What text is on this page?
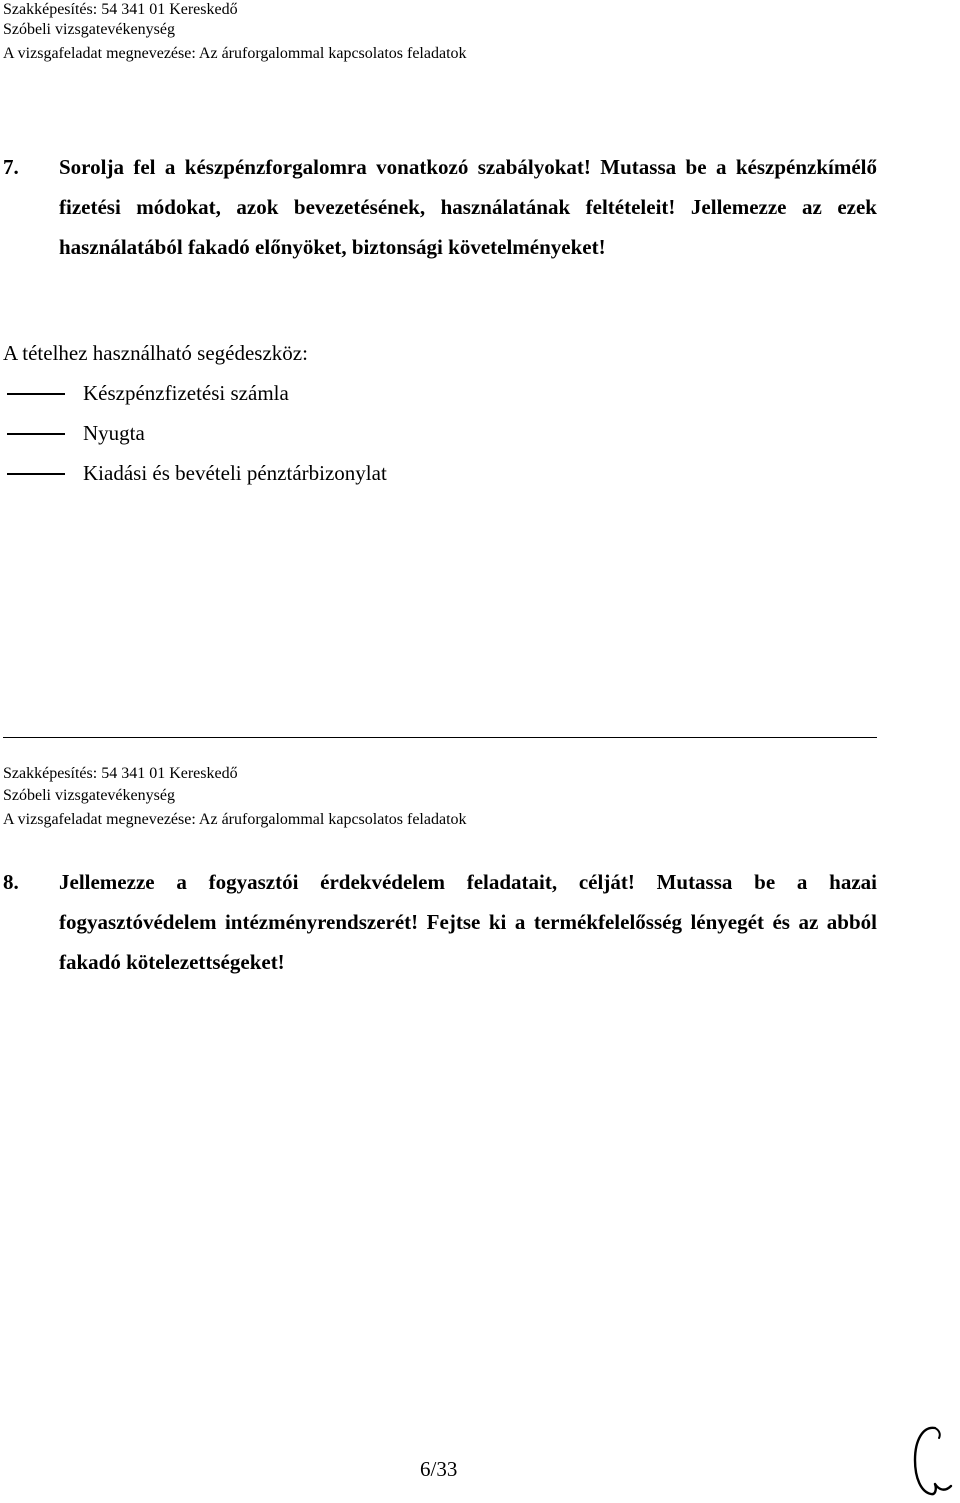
Szakképesítés: 54 341 01 Kereskedő
Szóbeli vizsgatevékenység
A vizsgafeladat megnevezése: Az áruforgalommal kapcsolatos feladatok
7. Sorolja fel a készpénzforgalomra vonatkozó szabályokat! Mutassa be a készpénzkímélő fizetési módokat, azok bevezetésének, használatának feltételeit! Jellemezze az ezek használatából fakadó előnyöket, biztonsági követelményeket!
A tételhez használható segédeszköz:
Készpénzfizetési számla
Nyugta
Kiadási és bevételi pénztárbizonylat
Szakképesítés: 54 341 01 Kereskedő
Szóbeli vizsgatevékenység
A vizsgafeladat megnevezése: Az áruforgalommal kapcsolatos feladatok
8. Jellemezze a fogyasztói érdekvédelem feladatait, célját! Mutassa be a hazai fogyasztóvédelem intézményrendszerét! Fejtse ki a termékfelelősség lényegét és az abból fakadó kötelezettségeket!
6/33
